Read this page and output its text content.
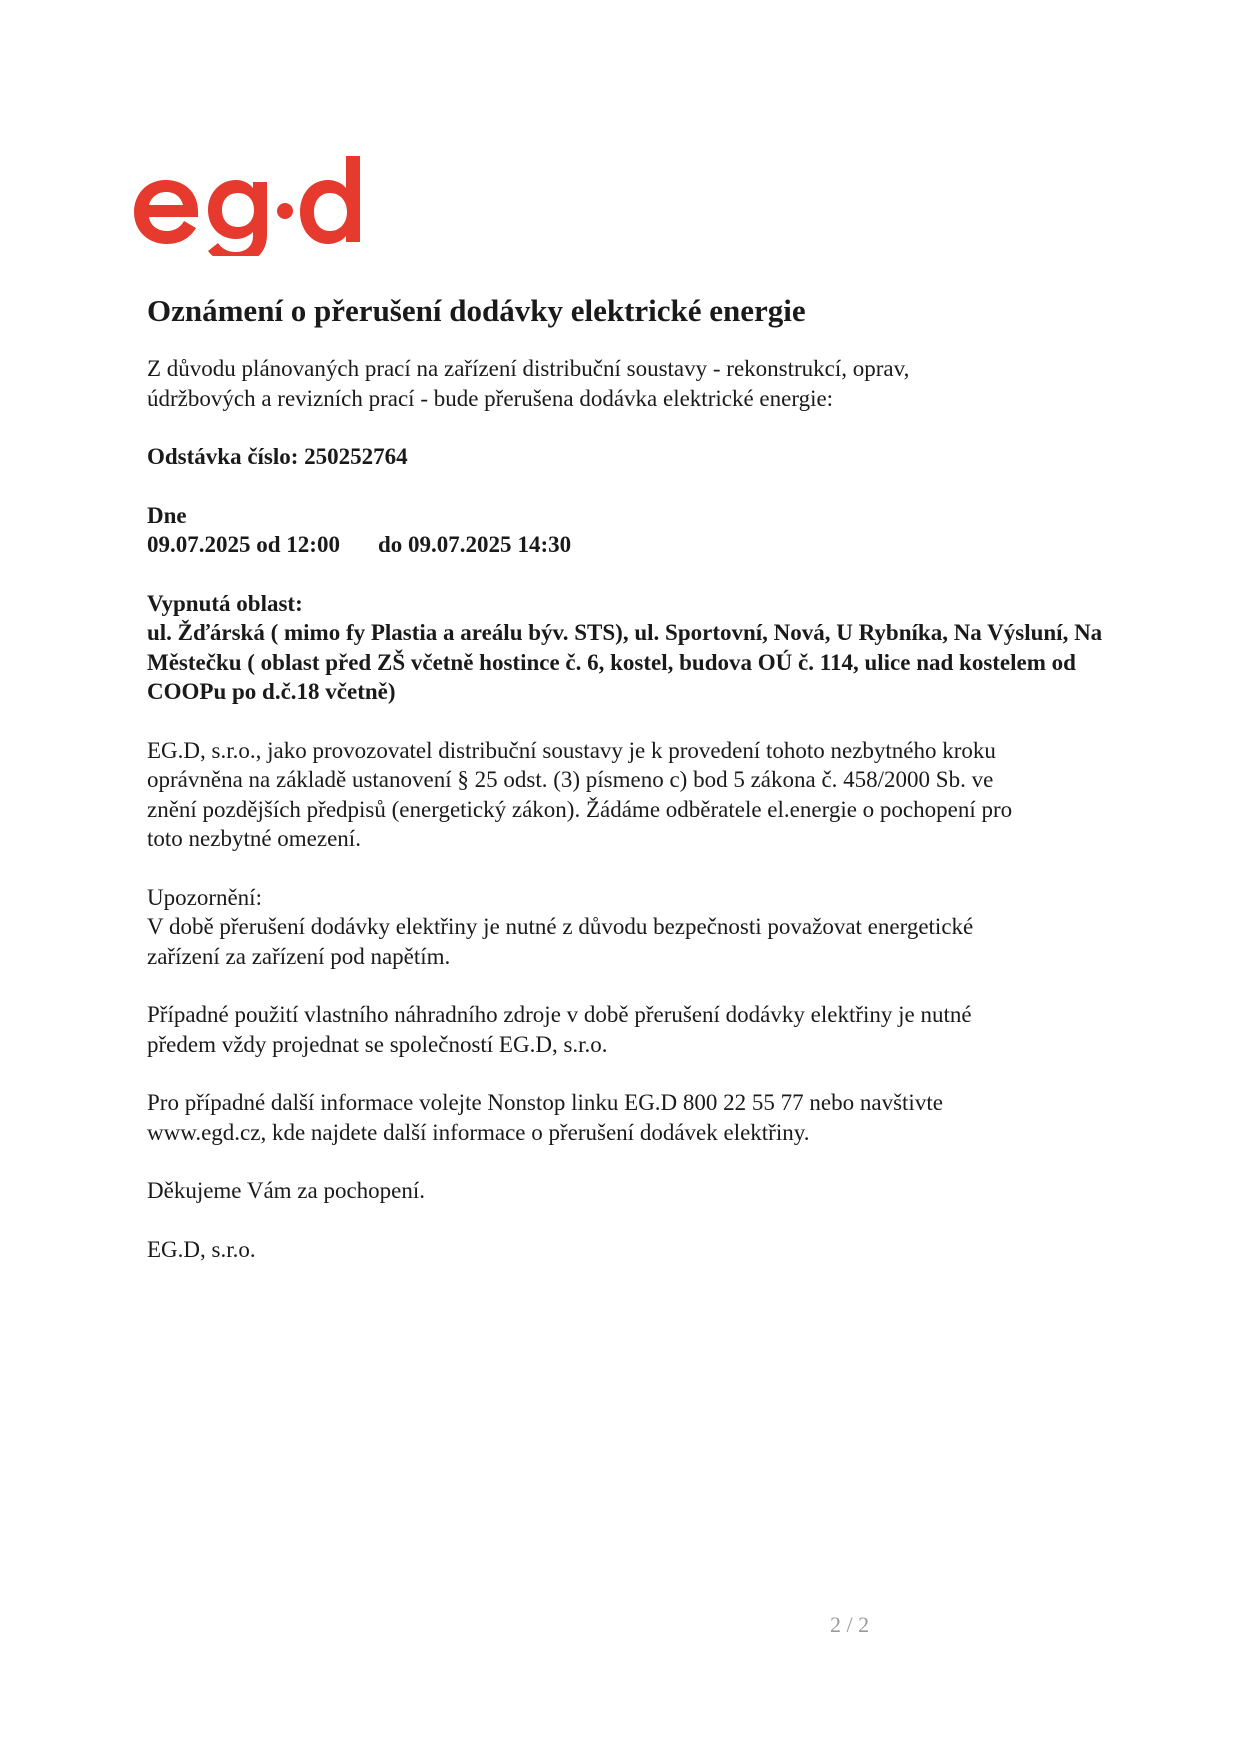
Oznámení o přerušení dodávky elektrické energie
Z důvodu plánovaných prací na zařízení distribuční soustavy - rekonstrukcí, oprav,
údržbových a revizních prací - bude přerušena dodávka elektrické energie:
Odstávka číslo: 250252764
Dne
09.07.2025 od 12:00 do 09.07.2025 14:30
Vypnutá oblast:
ul. Žďárská ( mimo fy Plastia a areálu býv. STS), ul. Sportovní, Nová, U Rybníka, Na Výsluní, Na
Městečku ( oblast před ZŠ včetně hostince č. 6, kostel, budova OÚ č. 114, ulice nad kostelem od
COOPu po d.č.18 včetně)
EG.D, s.r.o., jako provozovatel distribuční soustavy je k provedení tohoto nezbytného kroku
oprávněna na základě ustanovení § 25 odst. (3) písmeno c) bod 5 zákona č. 458/2000 Sb. ve
znění pozdějších předpisů (energetický zákon). Žádáme odběratele el.energie o pochopení pro
toto nezbytné omezení.
Upozornění:
V době přerušení dodávky elektřiny je nutné z důvodu bezpečnosti považovat energetické
zařízení za zařízení pod napětím.
Případné použití vlastního náhradního zdroje v době přerušení dodávky elektřiny je nutné
předem vždy projednat se společností EG.D, s.r.o.
Pro případné další informace volejte Nonstop linku EG.D 800 22 55 77 nebo navštivte
www.egd.cz, kde najdete další informace o přerušení dodávek elektřiny.
Děkujeme Vám za pochopení.
EG.D, s.r.o.
2 / 2
